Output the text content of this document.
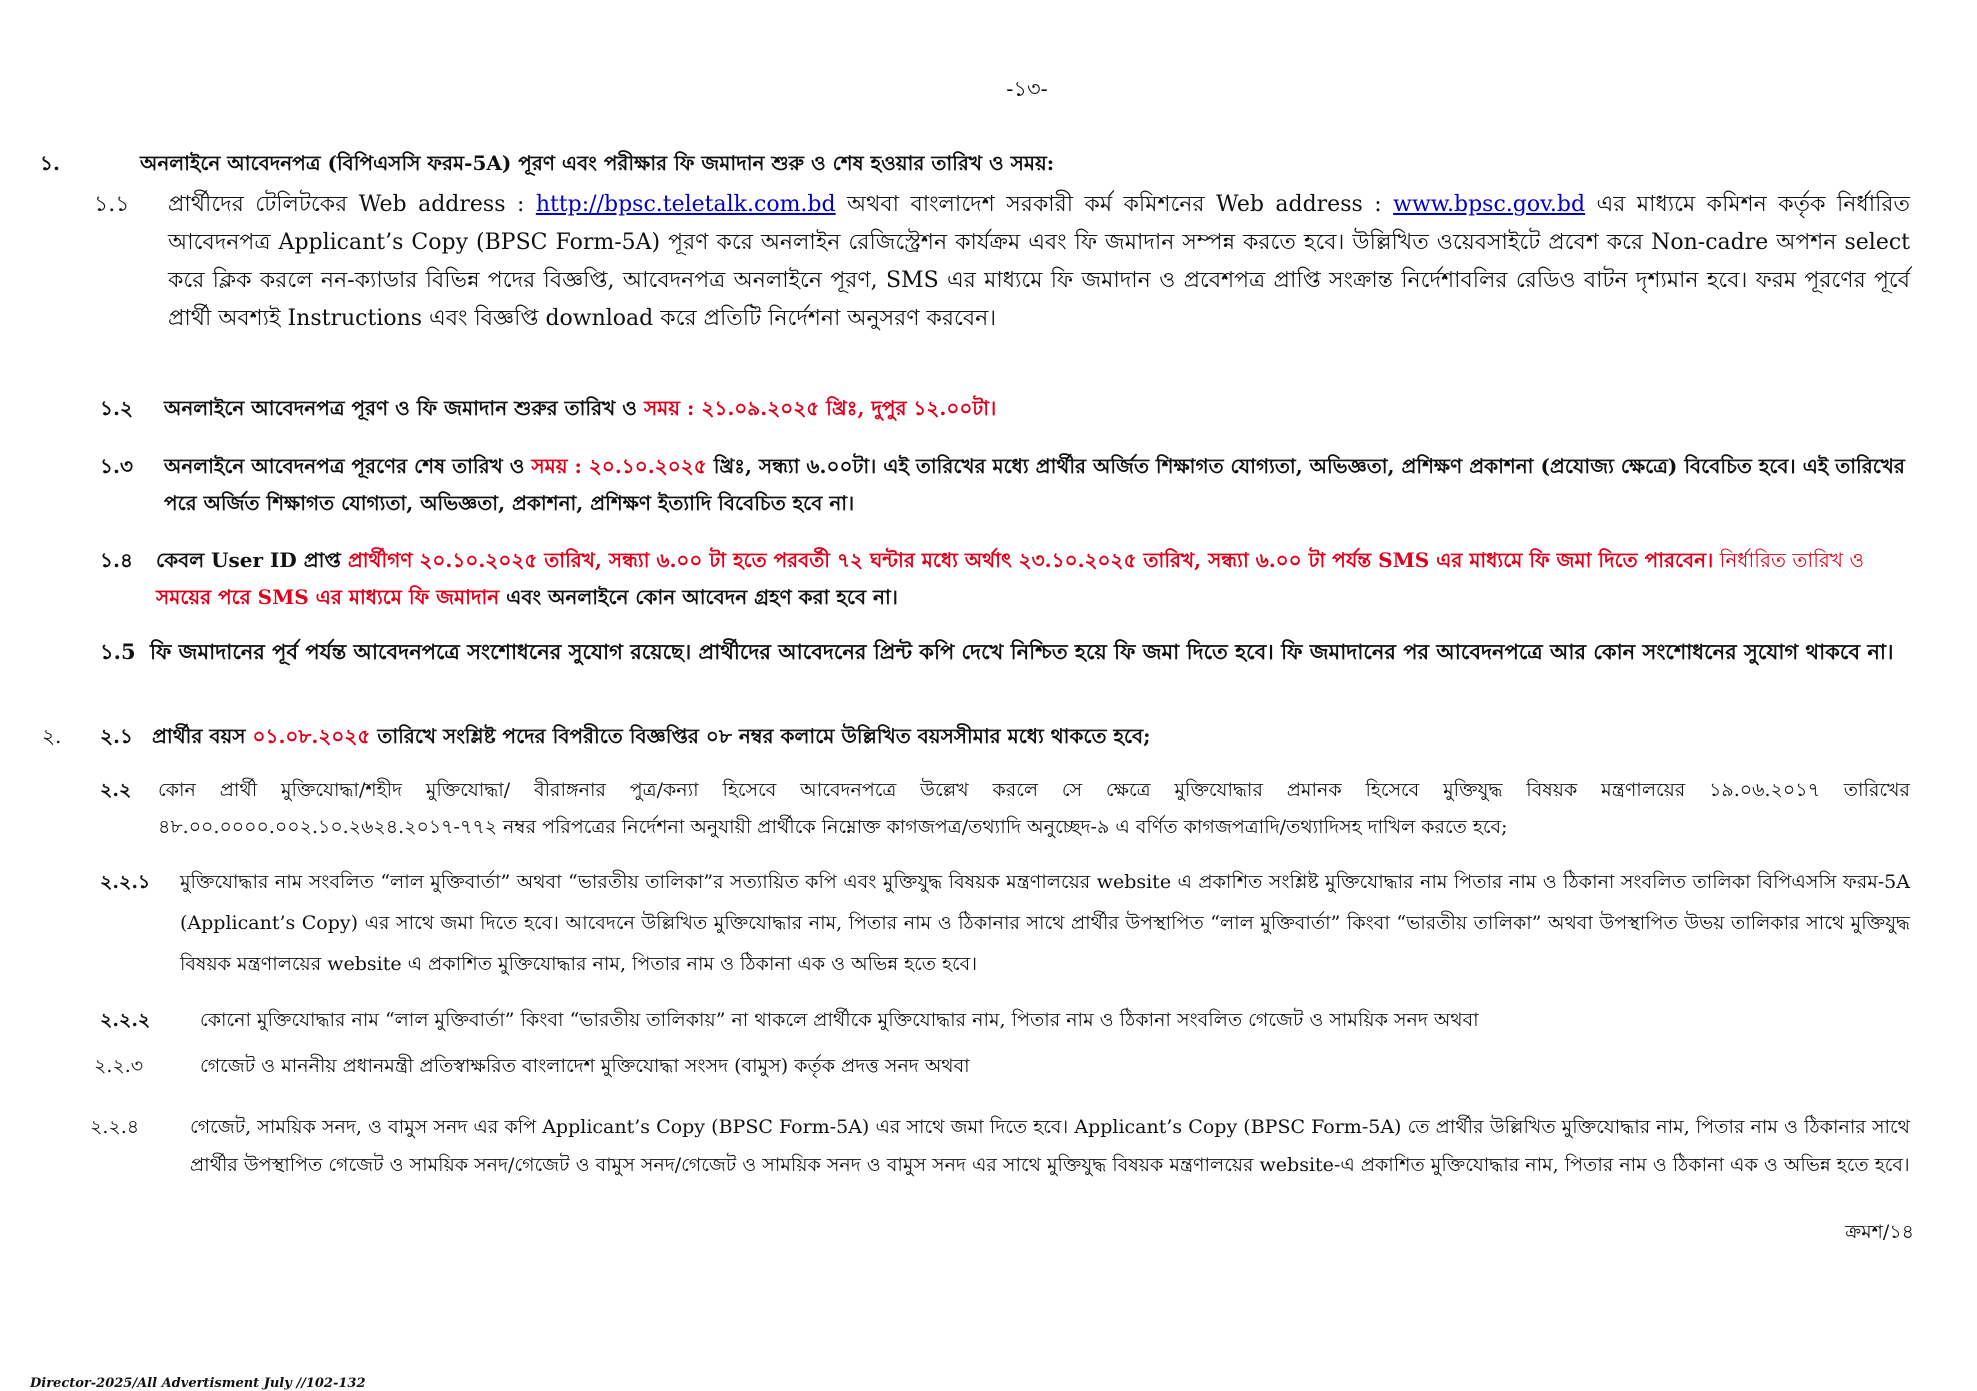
-১৩-
১.	অনলাইনে আবেদনপত্র (বিপিএসসি ফরম-5A) পূরণ এবং পরীক্ষার ফি জমাদান শুরু ও শেষ হওয়ার তারিখ ও সময়:
১.১	প্রার্থীদের টেলিটকের Web address : http://bpsc.teletalk.com.bd অথবা বাংলাদেশ সরকারী কর্ম কমিশনের Web address : www.bpsc.gov.bd এর মাধ্যমে কমিশন কর্তৃক নির্ধারিত আবেদনপত্র Applicant’s Copy (BPSC Form-5A) পূরণ করে অনলাইন রেজিস্ট্রেশন কার্যক্রম এবং ফি জমাদান সম্পন্ন করতে হবে। উল্লিখিত ওয়েবসাইটে প্রবেশ করে Non-cadre অপশন select করে ক্লিক করলে নন-ক্যাডার বিভিন্ন পদের বিজ্ঞপ্তি, আবেদনপত্র অনলাইনে পূরণ, SMS এর মাধ্যমে ফি জমাদান ও প্রবেশপত্র প্রাপ্তি সংক্রান্ত নির্দেশাবলির রেডিও বাটন দৃশ্যমান হবে। ফরম পূরণের পূর্বে প্রার্থী অবশ্যই Instructions এবং বিজ্ঞপ্তি download করে প্রতিটি নির্দেশনা অনুসরণ করবেন।
১.২	অনলাইনে আবেদনপত্র পূরণ ও ফি জমাদান শুরুর তারিখ ও সময় : ২১.০৯.২০২৫ খ্রিঃ, দুপুর ১২.০০টা।
১.৩	অনলাইনে আবেদনপত্র পূরণের শেষ তারিখ ও সময় : ২০.১০.২০২৫ খ্রিঃ, সন্ধ্যা ৬.০০টা। এই তারিখের মধ্যে প্রার্থীর অর্জিত শিক্ষাগত যোগ্যতা, অভিজ্ঞতা, প্রশিক্ষণ প্রকাশনা (প্রযোজ্য ক্ষেত্রে) বিবেচিত হবে। এই তারিখের পরে অর্জিত শিক্ষাগত যোগ্যতা, অভিজ্ঞতা, প্রকাশনা, প্রশিক্ষণ ইত্যাদি বিবেচিত হবে না।
১.৪	কেবল User ID প্রাপ্ত প্রার্থীগণ ২০.১০.২০২৫ তারিখ, সন্ধ্যা ৬.০০ টা হতে পরবর্তী ৭২ ঘন্টার মধ্যে অর্থাৎ ২৩.১০.২০২৫ তারিখ, সন্ধ্যা ৬.০০ টা পর্যন্ত SMS এর মাধ্যমে ফি জমা দিতে পারবেন। নির্ধারিত তারিখ ও সময়ের পরে SMS এর মাধ্যমে ফি জমাদান এবং অনলাইনে কোন আবেদন গ্রহণ করা হবে না।
১.5 ফি জমাদানের পূর্ব পর্যন্ত আবেদনপত্রে সংশোধনের সুযোগ রয়েছে। প্রার্থীদের আবেদনের প্রিন্ট কপি দেখে নিশ্চিত হয়ে ফি জমা দিতে হবে। ফি জমাদানের পর আবেদনপত্রে আর কোন সংশোধনের সুযোগ থাকবে না।
২.	২.১ প্রার্থীর বয়স ০১.০৮.২০২৫ তারিখে সংশ্লিষ্ট পদের বিপরীতে বিজ্ঞপ্তির ০৮ নম্বর কলামে উল্লিখিত বয়সসীমার মধ্যে থাকতে হবে;
২.২	কোন প্রার্থী মুক্তিযোদ্ধা/শহীদ মুক্তিযোদ্ধা/ বীরাঙ্গনার পুত্র/কন্যা হিসেবে আবেদনপত্রে উল্লেখ করলে সে ক্ষেত্রে মুক্তিযোদ্ধার প্রমানক হিসেবে মুক্তিযুদ্ধ বিষয়ক মন্ত্রণালয়ের ১৯.০৬.২০১৭ তারিখের ৪৮.০০.০০০০.০০২.১০.২৬২৪.২০১৭-৭৭২ নম্বর পরিপত্রের নির্দেশনা অনুযায়ী প্রার্থীকে নিম্নোক্ত কাগজপত্র/তথ্যাদি অনুচ্ছেদ-৯ এ বর্ণিত কাগজপত্রাদি/তথ্যাদিসহ দাখিল করতে হবে;
২.২.১	মুক্তিযোদ্ধার নাম সংবলিত “লাল মুক্তিবার্তা” অথবা “ভারতীয় তালিকা”র সত্যায়িত কপি এবং মুক্তিযুদ্ধ বিষয়ক মন্ত্রণালয়ের website এ প্রকাশিত সংশ্লিষ্ট মুক্তিযোদ্ধার নাম পিতার নাম ও ঠিকানা সংবলিত তালিকা বিপিএসসি ফরম-5A (Applicant’s Copy) এর সাথে জমা দিতে হবে। আবেদনে উল্লিখিত মুক্তিযোদ্ধার নাম, পিতার নাম ও ঠিকানার সাথে প্রার্থীর উপস্থাপিত “লাল মুক্তিবার্তা” কিংবা “ভারতীয় তালিকা” অথবা উপস্থাপিত উভয় তালিকার সাথে মুক্তিযুদ্ধ বিষয়ক মন্ত্রণালয়ের website এ প্রকাশিত মুক্তিযোদ্ধার নাম, পিতার নাম ও ঠিকানা এক ও অভিন্ন হতে হবে।
২.২.২	কোনো মুক্তিযোদ্ধার নাম “লাল মুক্তিবার্তা” কিংবা “ভারতীয় তালিকায়” না থাকলে প্রার্থীকে মুক্তিযোদ্ধার নাম, পিতার নাম ও ঠিকানা সংবলিত গেজেট ও সাময়িক সনদ অথবা
২.২.৩	গেজেট ও মাননীয় প্রধানমন্ত্রী প্রতিস্বাক্ষরিত বাংলাদেশ মুক্তিযোদ্ধা সংসদ (বামুস) কর্তৃক প্রদত্ত সনদ অথবা
২.২.৪	গেজেট, সাময়িক সনদ, ও বামুস সনদ এর কপি Applicant’s Copy (BPSC Form-5A) এর সাথে জমা দিতে হবে। Applicant’s Copy (BPSC Form-5A) তে প্রার্থীর উল্লিখিত মুক্তিযোদ্ধার নাম, পিতার নাম ও ঠিকানার সাথে প্রার্থীর উপস্থাপিত গেজেট ও সাময়িক সনদ/গেজেট ও বামুস সনদ/গেজেট ও সাময়িক সনদ ও বামুস সনদ এর সাথে মুক্তিযুদ্ধ বিষয়ক মন্ত্রণালয়ের website-এ প্রকাশিত মুক্তিযোদ্ধার নাম, পিতার নাম ও ঠিকানা এক ও অভিন্ন হতে হবে।
ক্রমশ/১৪
Director-2025/All Advertisment July //102-132
